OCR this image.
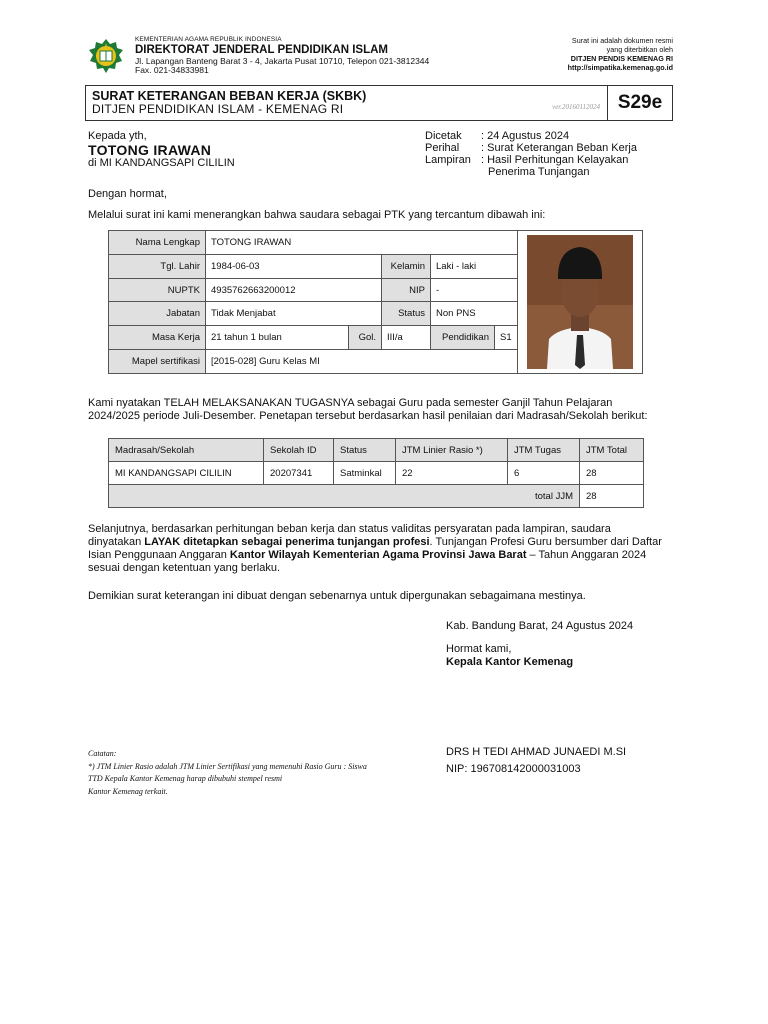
KEMENTERIAN AGAMA REPUBLIK INDONESIA
DIREKTORAT JENDERAL PENDIDIKAN ISLAM
Jl. Lapangan Banteng Barat 3 - 4, Jakarta Pusat 10710, Telepon 021-3812344
Fax. 021-34833981
Surat ini adalah dokumen resmi
yang diterbitkan oleh
DITJEN PENDIS KEMENAG RI
http://simpatika.kemenag.go.id
SURAT KETERANGAN BEBAN KERJA (SKBK)
DITJEN PENDIDIKAN ISLAM - KEMENAG RI	ver.20160112024 S29e
Kepada yth,
TOTONG IRAWAN
di MI KANDANGSAPI CILILIN
Dicetak : 24 Agustus 2024
Perihal : Surat Keterangan Beban Kerja
Lampiran : Hasil Perhitungan Kelayakan
Penerima Tunjangan
Dengan hormat,
Melalui surat ini kami menerangkan bahwa saudara sebagai PTK yang tercantum dibawah ini:
Nama Lengkap	TOTONG IRAWAN	

Tgl. Lahir	1984-06-03		Kelamin	Laki - laki		
NUPTK	4935762663200012		NIP	-		
Jabatan	Tidak Menjabat		Status	Non PNS		
Masa Kerja	21 tahun 1 bulan	Gol.	III/a	Pendidikan	S1	
Mapel sertifikasi	[2015-028] Guru Kelas MI					
Kami nyatakan TELAH MELAKSANAKAN TUGASNYA sebagai Guru pada semester Ganjil Tahun Pelajaran
2024/2025 periode Juli-Desember. Penetapan tersebut berdasarkan hasil penilaian dari Madrasah/Sekolah berikut:
Madrasah/Sekolah	Sekolah ID	Status	JTM Linier Rasio *)	JTM Tugas	JTM Total
MI KANDANGSAPI CILILIN	20207341	Satminkal	22	6	28
total JJM					28
Selanjutnya, berdasarkan perhitungan beban kerja dan status validitas persyaratan pada lampiran, saudara
dinyatakan LAYAK ditetapkan sebagai penerima tunjangan profesi. Tunjangan Profesi Guru bersumber dari Daftar
Isian Penggunaan Anggaran Kantor Wilayah Kementerian Agama Provinsi Jawa Barat – Tahun Anggaran 2024
sesuai dengan ketentuan yang berlaku.
Demikian surat keterangan ini dibuat dengan sebenarnya untuk dipergunakan sebagaimana mestinya.
Kab. Bandung Barat, 24 Agustus 2024
Hormat kami,
Kepala Kantor Kemenag
DRS H TEDI AHMAD JUNAEDI M.SI
NIP: 196708142000031003
Catatan:
*) JTM Linier Rasio adalah JTM Linier Sertifikasi yang memenuhi Rasio Guru : Siswa
TTD Kepala Kantor Kemenag harap dibubuhi stempel resmi
Kantor Kemenag terkait.
